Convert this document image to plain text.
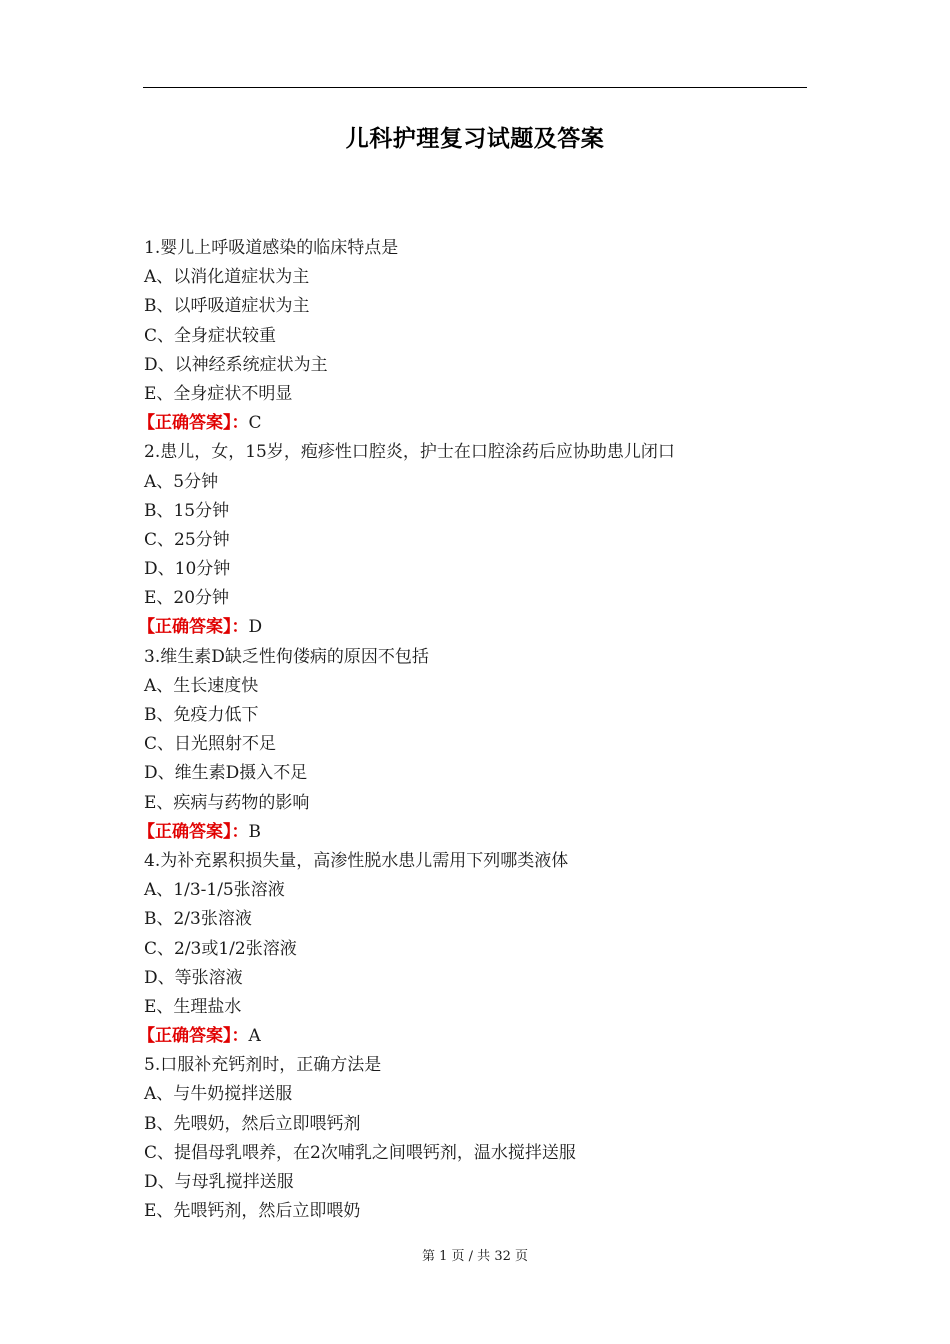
儿科护理复习试题及答案
1.婴儿上呼吸道感染的临床特点是
A、以消化道症状为主
B、以呼吸道症状为主
C、全身症状较重
D、以神经系统症状为主
E、全身症状不明显
【正确答案】：C
2.患儿，女，15岁，疱疹性口腔炎，护士在口腔涂药后应协助患儿闭口
A、5分钟
B、15分钟
C、25分钟
D、10分钟
E、20分钟
【正确答案】：D
3.维生素D缺乏性佝偻病的原因不包括
A、生长速度快
B、免疫力低下
C、日光照射不足
D、维生素D摄入不足
E、疾病与药物的影响
【正确答案】：B
4.为补充累积损失量，高渗性脱水患儿需用下列哪类液体
A、1/3-1/5张溶液
B、2/3张溶液
C、2/3或1/2张溶液
D、等张溶液
E、生理盐水
【正确答案】：A
5.口服补充钙剂时，正确方法是
A、与牛奶搅拌送服
B、先喂奶，然后立即喂钙剂
C、提倡母乳喂养，在2次哺乳之间喂钙剂，温水搅拌送服
D、与母乳搅拌送服
E、先喂钙剂，然后立即喂奶
第 1 页 / 共 32 页
